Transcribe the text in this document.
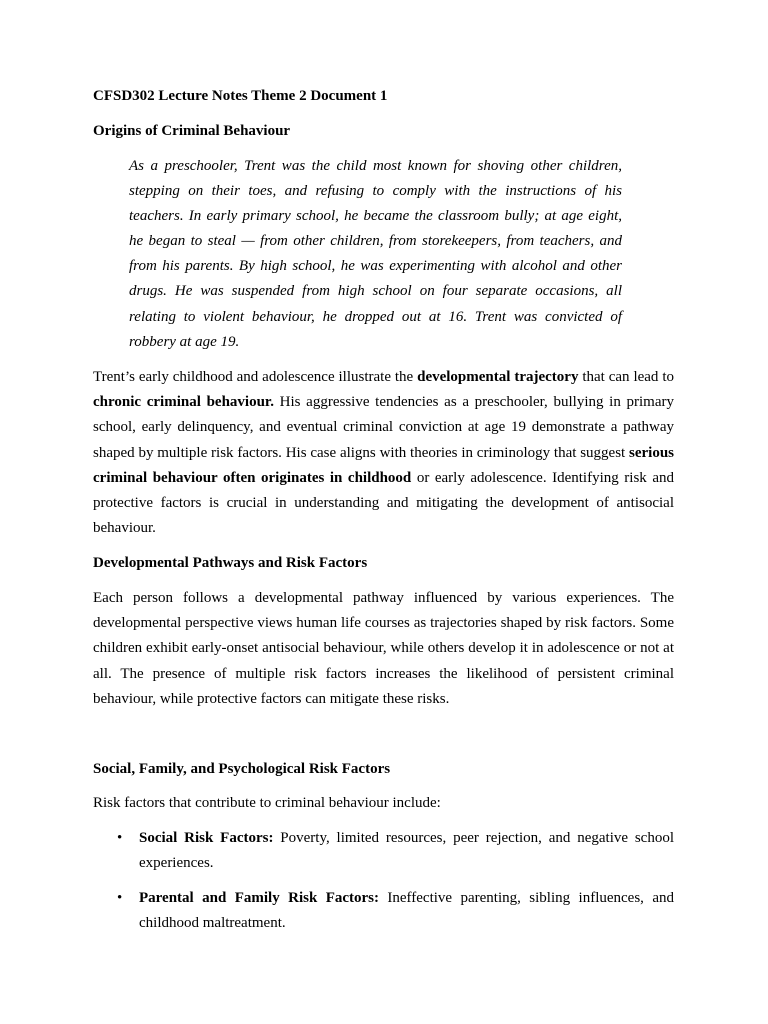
CFSD302 Lecture Notes Theme 2 Document 1

Origins of Criminal Behaviour

As a preschooler, Trent was the child most known for shoving other children, stepping on their toes, and refusing to comply with the instructions of his teachers. In early primary school, he became the classroom bully; at age eight, he began to steal — from other children, from storekeepers, from teachers, and from his parents. By high school, he was experimenting with alcohol and other drugs. He was suspended from high school on four separate occasions, all relating to violent behaviour, he dropped out at 16. Trent was convicted of robbery at age 19.

Trent’s early childhood and adolescence illustrate the developmental trajectory that can lead to chronic criminal behaviour. His aggressive tendencies as a preschooler, bullying in primary school, early delinquency, and eventual criminal conviction at age 19 demonstrate a pathway shaped by multiple risk factors. His case aligns with theories in criminology that suggest serious criminal behaviour often originates in childhood or early adolescence. Identifying risk and protective factors is crucial in understanding and mitigating the development of antisocial behaviour.

Developmental Pathways and Risk Factors

Each person follows a developmental pathway influenced by various experiences. The developmental perspective views human life courses as trajectories shaped by risk factors. Some children exhibit early-onset antisocial behaviour, while others develop it in adolescence or not at all. The presence of multiple risk factors increases the likelihood of persistent criminal behaviour, while protective factors can mitigate these risks.

Social, Family, and Psychological Risk Factors

Risk factors that contribute to criminal behaviour include:

• Social Risk Factors: Poverty, limited resources, peer rejection, and negative school experiences.
• Parental and Family Risk Factors: Ineffective parenting, sibling influences, and childhood maltreatment.
